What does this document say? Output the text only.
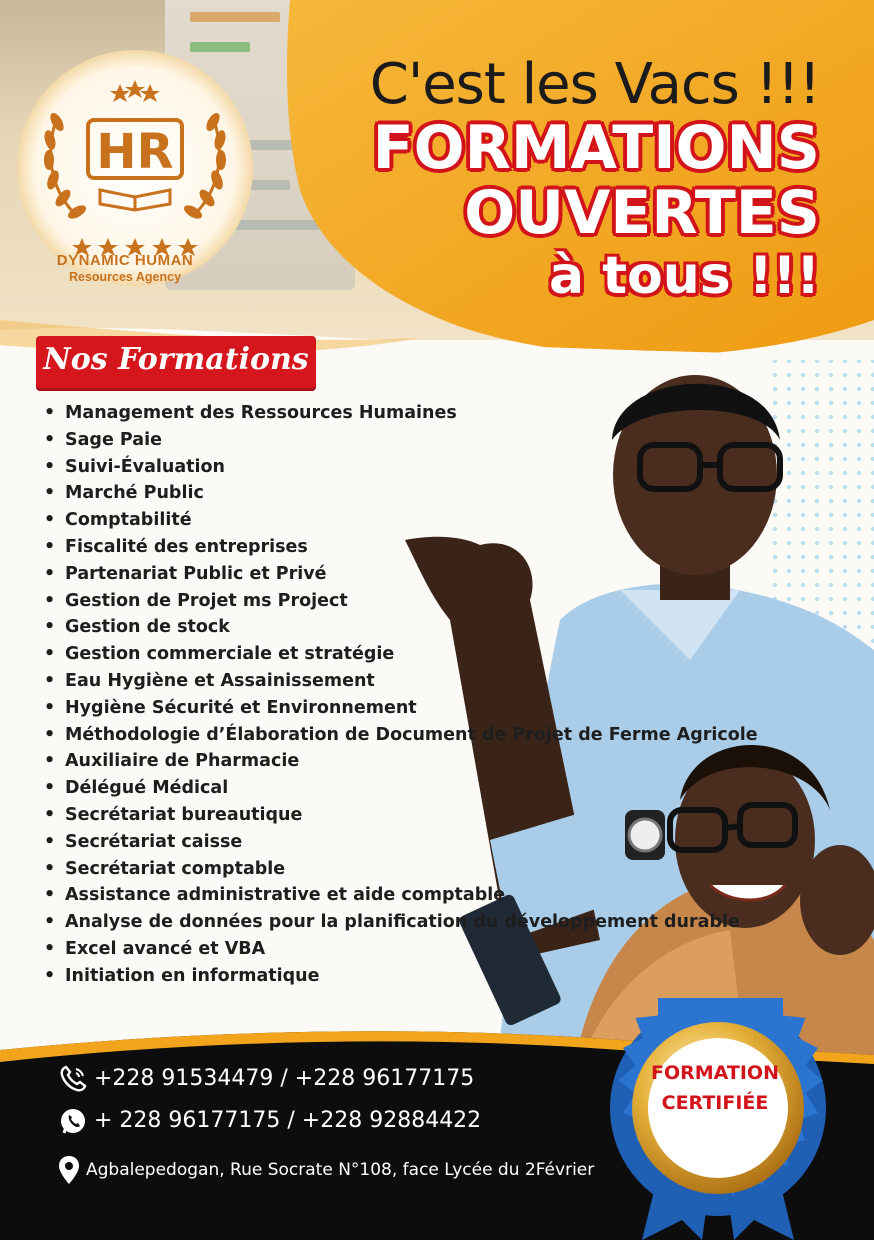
HR
DYNAMIC HUMAN
Resources Agency
C'est les Vacs !!!
FORMATIONS
OUVERTES
à tous !!!
Nos Formations
• Management des Ressources Humaines
• Sage Paie
• Suivi-Évaluation
• Marché Public
• Comptabilité
• Fiscalité des entreprises
• Partenariat Public et Privé
• Gestion de Projet ms Project
• Gestion de stock
• Gestion commerciale et stratégie
• Eau Hygiène et Assainissement
• Hygiène Sécurité et Environnement
• Méthodologie d’Élaboration de Document de Projet de Ferme Agricole
• Auxiliaire de Pharmacie
• Délégué Médical
• Secrétariat bureautique
• Secrétariat caisse
• Secrétariat comptable
• Assistance administrative et aide comptable
• Analyse de données pour la planification du développement durable
• Excel avancé et VBA
• Initiation en informatique
+228 91534479 / +228 96177175
+ 228 96177175 / +228 92884422
Agbalepedogan, Rue Socrate N°108, face Lycée du 2Février
FORMATION
CERTIFIÉE
